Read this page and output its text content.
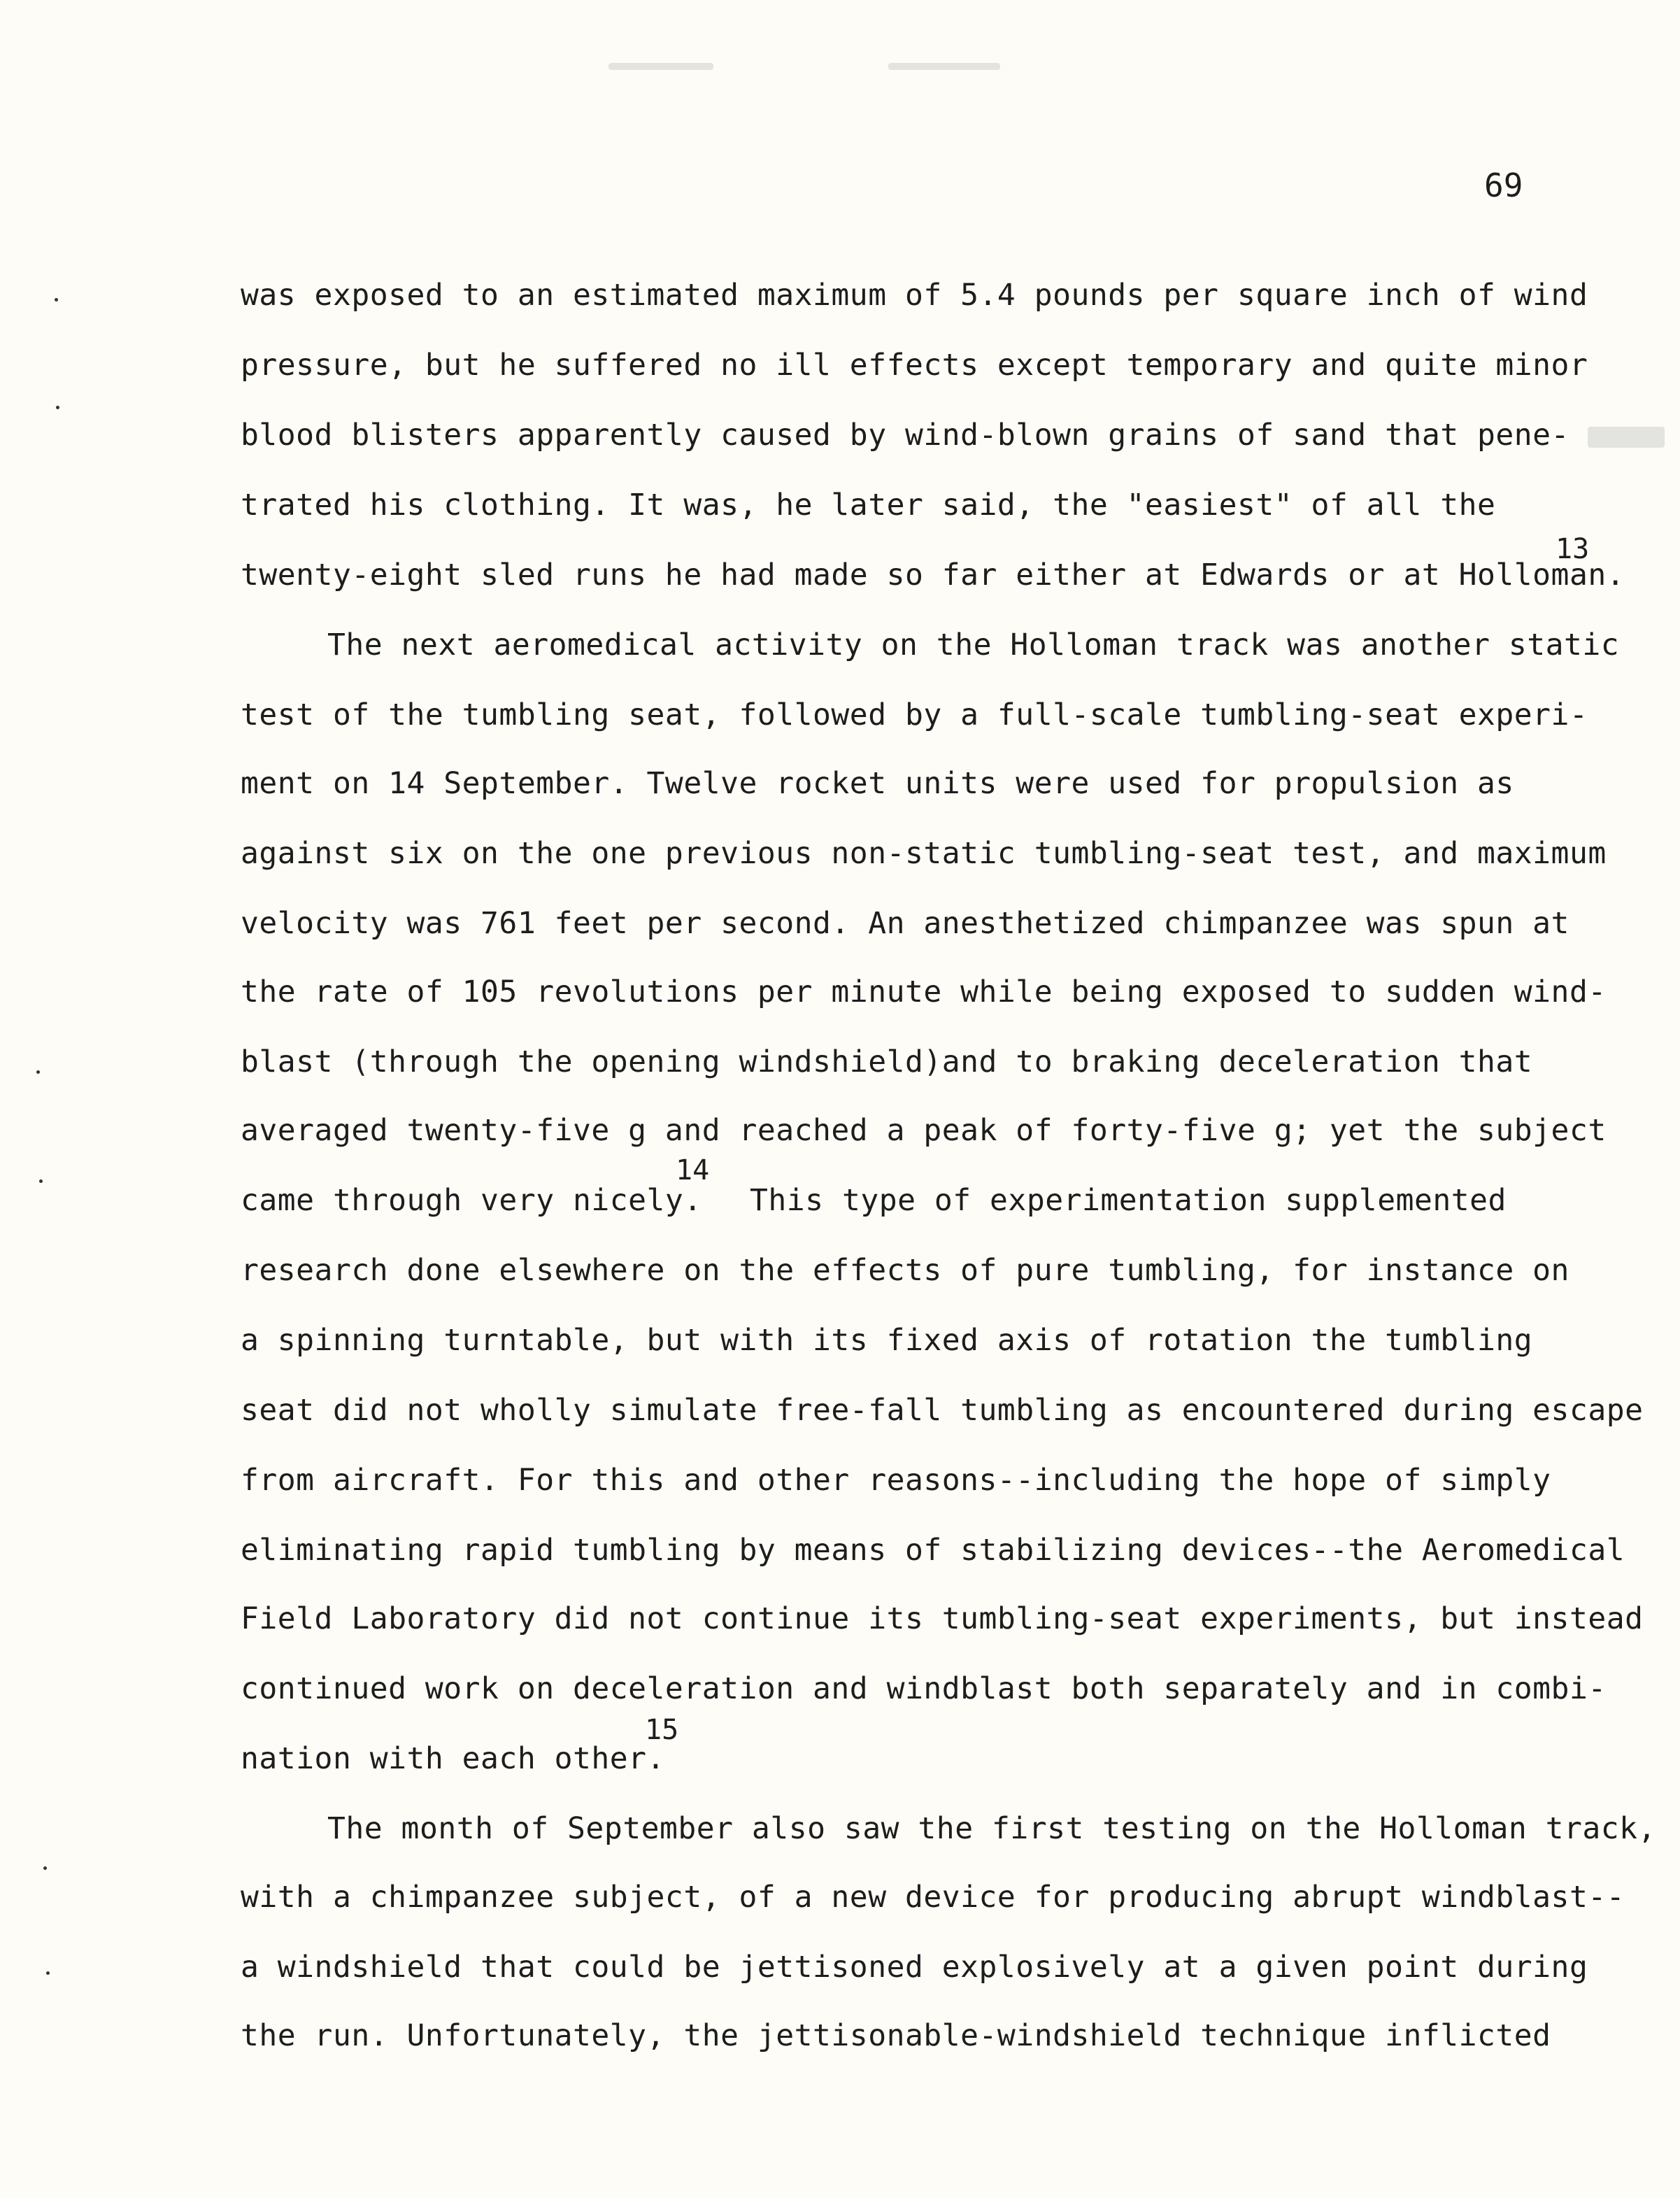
69
was exposed to an estimated maximum of 5.4 pounds per square inch of wind
pressure, but he suffered no ill effects except temporary and quite minor
blood blisters apparently caused by wind-blown grains of sand that pene-
trated his clothing. It was, he later said, the "easiest" of all the
twenty-eight sled runs he had made so far either at Edwards or at Holloman.
13
The next aeromedical activity on the Holloman track was another static
test of the tumbling seat, followed by a full-scale tumbling-seat experi-
ment on 14 September. Twelve rocket units were used for propulsion as
against six on the one previous non-static tumbling-seat test, and maximum
velocity was 761 feet per second. An anesthetized chimpanzee was spun at
the rate of 105 revolutions per minute while being exposed to sudden wind-
blast (through the opening windshield)and to braking deceleration that
averaged twenty-five g and reached a peak of forty-five g; yet the subject
came through very nicely.
14
This type of experimentation supplemented
research done elsewhere on the effects of pure tumbling, for instance on
a spinning turntable, but with its fixed axis of rotation the tumbling
seat did not wholly simulate free-fall tumbling as encountered during escape
from aircraft. For this and other reasons--including the hope of simply
eliminating rapid tumbling by means of stabilizing devices--the Aeromedical
Field Laboratory did not continue its tumbling-seat experiments, but instead
continued work on deceleration and windblast both separately and in combi-
nation with each other.
15
The month of September also saw the first testing on the Holloman track,
with a chimpanzee subject, of a new device for producing abrupt windblast--
a windshield that could be jettisoned explosively at a given point during
the run. Unfortunately, the jettisonable-windshield technique inflicted
